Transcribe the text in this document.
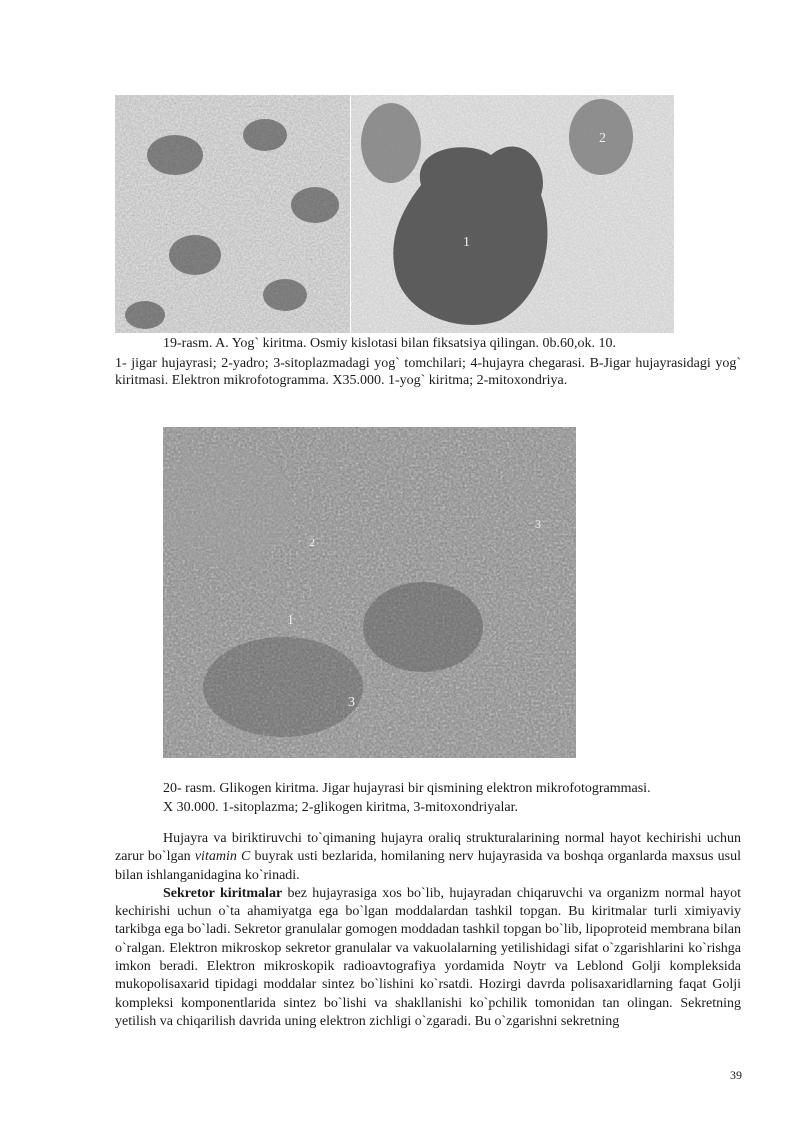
1
2
19-rasm. A. Yog` kiritma. Osmiy kislotasi bilan fiksatsiya qilingan. 0b.60,ok. 10.
1- jigar hujayrasi; 2-yadro; 3-sitoplazmadagi yog` tomchilari; 4-hujayra chegarasi. B-Jigar hujayrasidagi yog` kiritmasi. Elektron mikrofotogramma. X35.000. 1-yog` kiritma; 2-mitoxondriya.
1
2
3
3
20- rasm. Glikogen kiritma. Jigar hujayrasi bir qismining elektron mikrofotogrammasi.
X 30.000. 1-sitoplazma; 2-glikogen kiritma, 3-mitoxondriyalar.

Hujayra va biriktiruvchi to`qimaning hujayra oraliq strukturalarining normal hayot kechirishi uchun zarur bo`lgan vitamin C buyrak usti bezlarida, homilaning nerv hujayrasida va boshqa organlarda maxsus usul bilan ishlanganidagina ko`rinadi.

Sekretor kiritmalar bez hujayrasiga xos bo`lib, hujayradan chiqaruvchi va organizm normal hayot kechirishi uchun o`ta ahamiyatga ega bo`lgan moddalardan tashkil topgan. Bu kiritmalar turli ximiyaviy tarkibga ega bo`ladi. Sekretor granulalar gomogen moddadan tashkil topgan bo`lib, lipoproteid membrana bilan o`ralgan. Elektron mikroskop sekretor granulalar va vakuolalarning yetilishidagi sifat o`zgarishlarini ko`rishga imkon beradi. Elektron mikroskopik radioavtografiya yordamida Noytr va Leblond Golji kompleksida mukopolisaxarid tipidagi moddalar sintez bo`lishini ko`rsatdi. Hozirgi davrda polisaxaridlarning faqat Golji kompleksi komponentlarida sintez bo`lishi va shakllanishi ko`pchilik tomonidan tan olingan. Sekretning yetilish va chiqarilish davrida uning elektron zichligi o`zgaradi. Bu o`zgarishni sekretning

39
